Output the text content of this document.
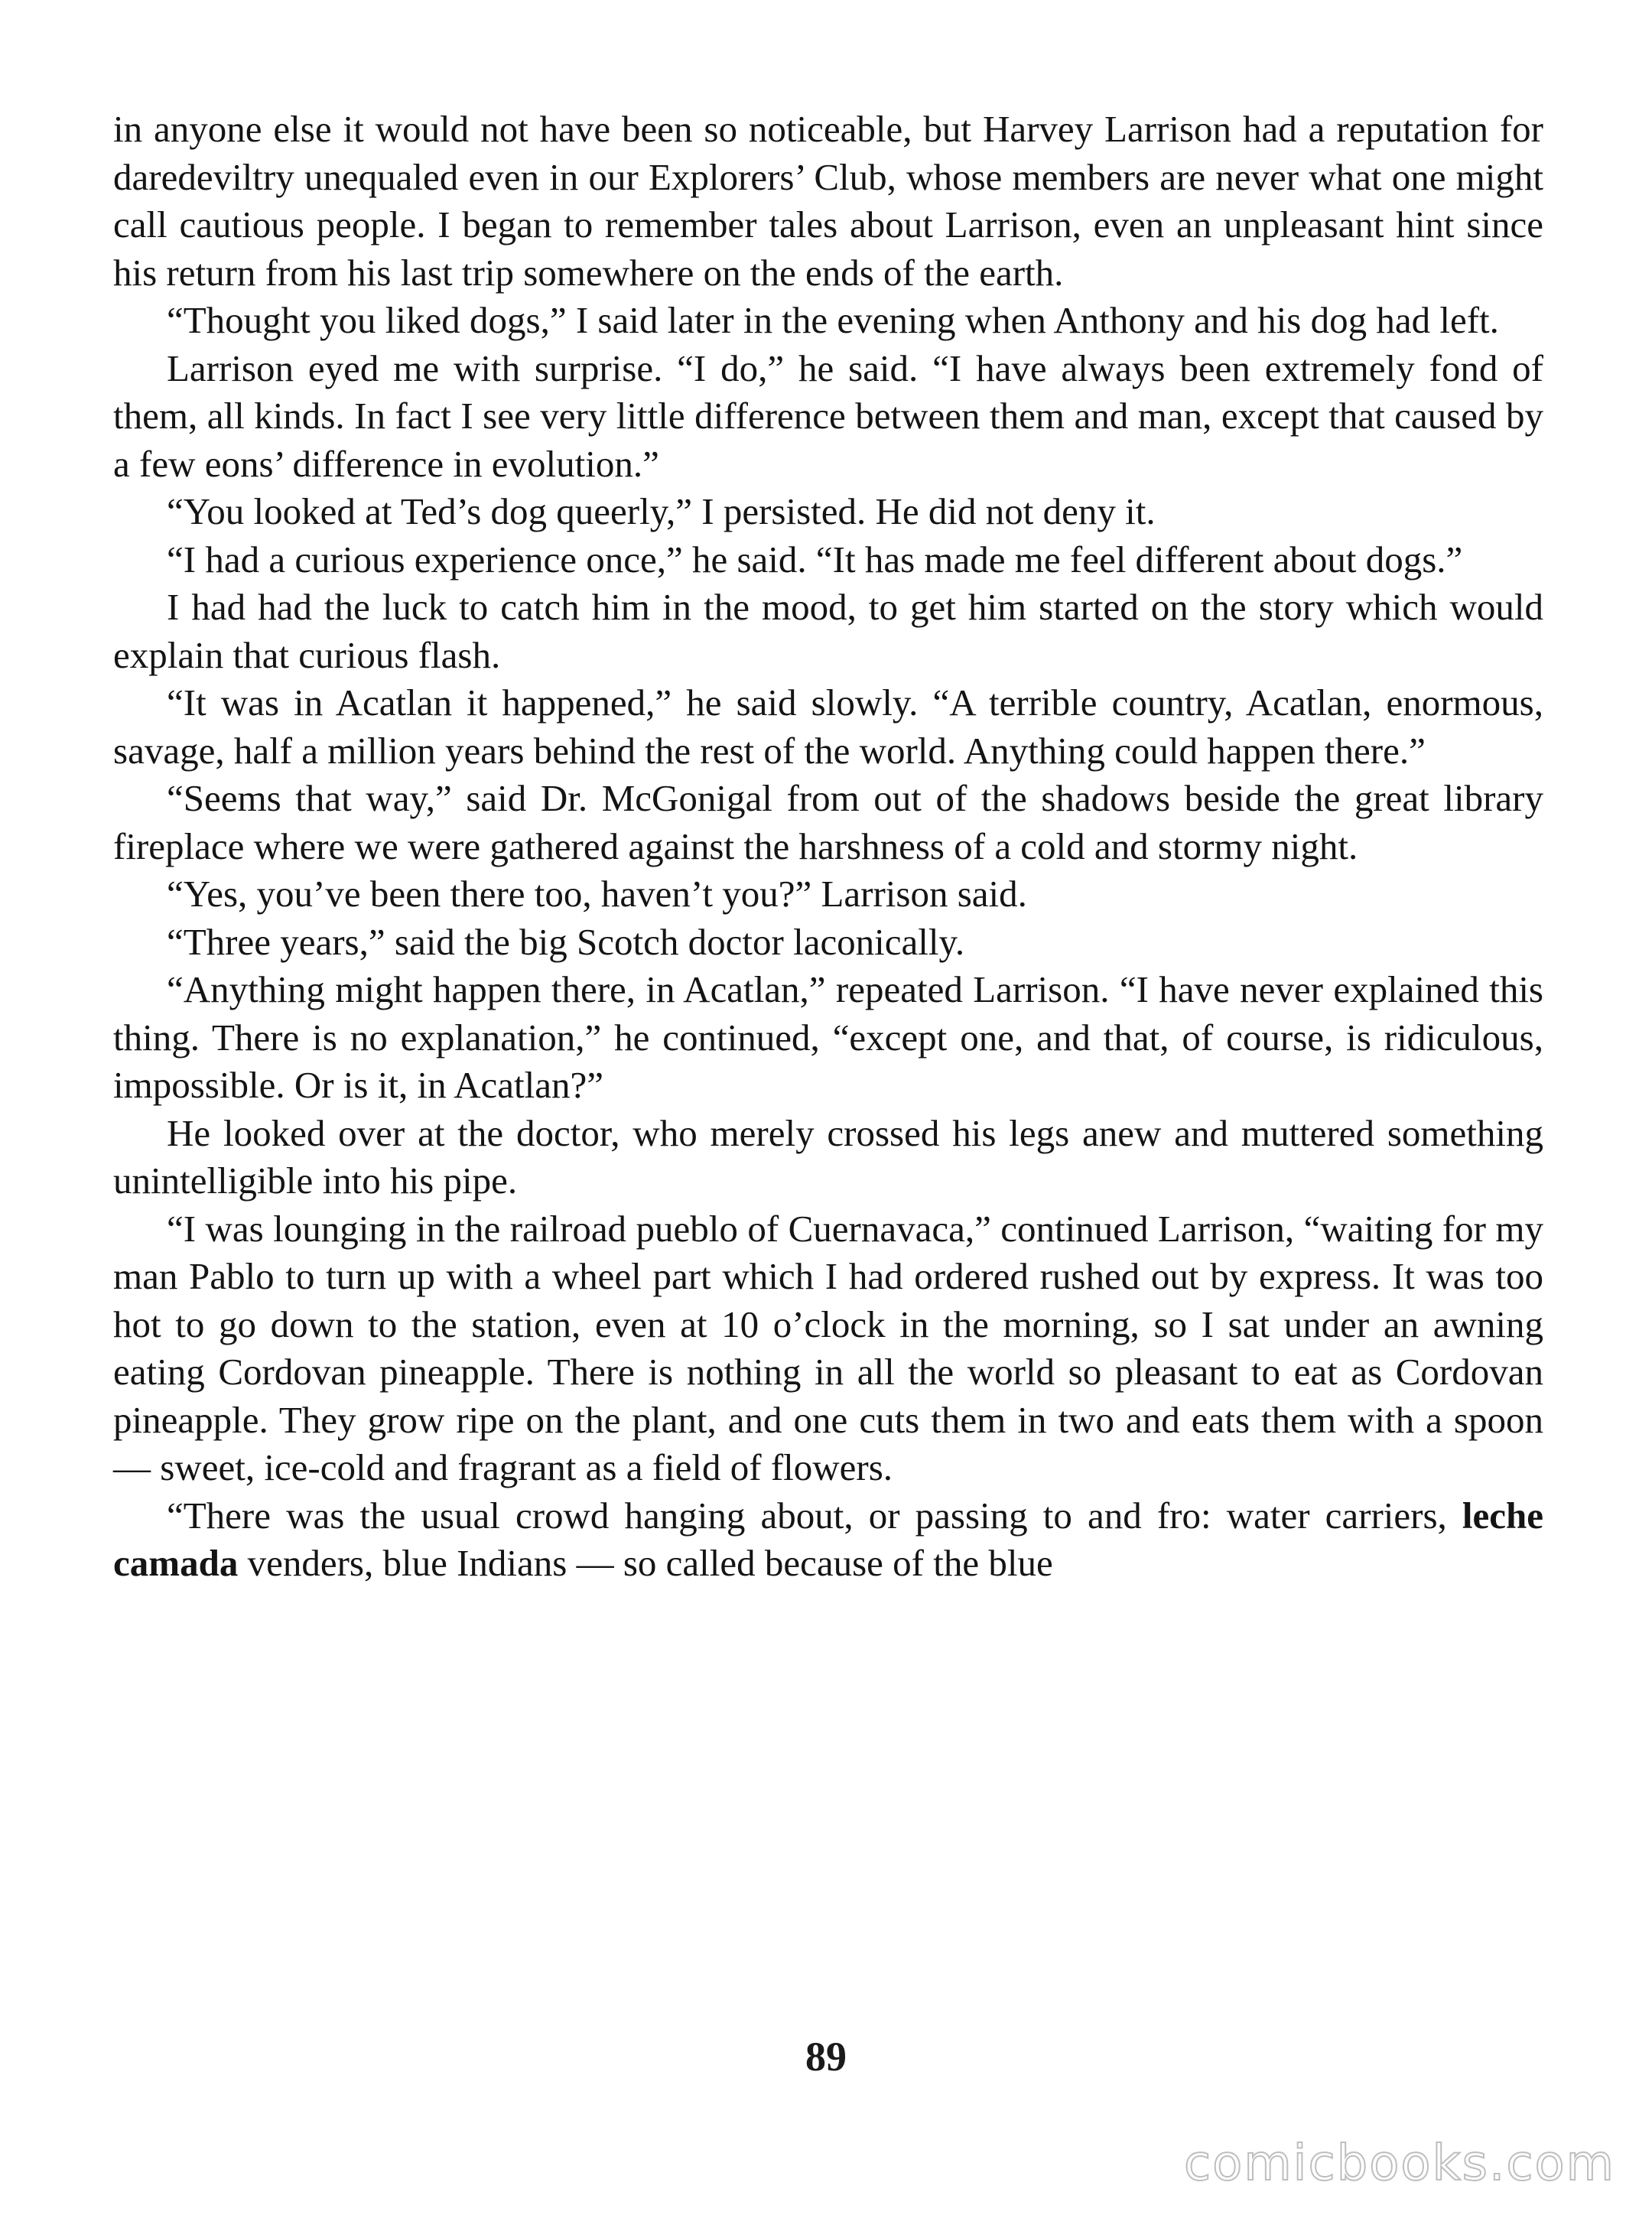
in anyone else it would not have been so noticeable, but Harvey Larrison had a reputation for daredeviltry unequaled even in our Explorers’ Club, whose members are never what one might call cautious people. I began to remember tales about Larrison, even an unpleasant hint since his return from his last trip somewhere on the ends of the earth.

“Thought you liked dogs,” I said later in the evening when Anthony and his dog had left.

Larrison eyed me with surprise. “I do,” he said. “I have always been extremely fond of them, all kinds. In fact I see very little difference between them and man, except that caused by a few eons’ difference in evolution.”

“You looked at Ted’s dog queerly,” I persisted. He did not deny it.

“I had a curious experience once,” he said. “It has made me feel different about dogs.”

I had had the luck to catch him in the mood, to get him started on the story which would explain that curious flash.

“It was in Acatlan it happened,” he said slowly. “A terrible country, Acatlan, enormous, savage, half a million years behind the rest of the world. Anything could happen there.”

“Seems that way,” said Dr. McGonigal from out of the shadows beside the great library fireplace where we were gathered against the harshness of a cold and stormy night.

“Yes, you’ve been there too, haven’t you?” Larrison said.

“Three years,” said the big Scotch doctor laconically.

“Anything might happen there, in Acatlan,” repeated Larrison. “I have never explained this thing. There is no explanation,” he continued, “except one, and that, of course, is ridiculous, impossible. Or is it, in Acatlan?”

He looked over at the doctor, who merely crossed his legs anew and muttered something unintelligible into his pipe.

“I was lounging in the railroad pueblo of Cuernavaca,” continued Larrison, “waiting for my man Pablo to turn up with a wheel part which I had ordered rushed out by express. It was too hot to go down to the station, even at 10 o’clock in the morning, so I sat under an awning eating Cordovan pineapple. There is nothing in all the world so pleasant to eat as Cordovan pineapple. They grow ripe on the plant, and one cuts them in two and eats them with a spoon — sweet, ice-cold and fragrant as a field of flowers.

“There was the usual crowd hanging about, or passing to and fro: water carriers, leche camada venders, blue Indians — so called because of the blue

89
comicbooks.com
